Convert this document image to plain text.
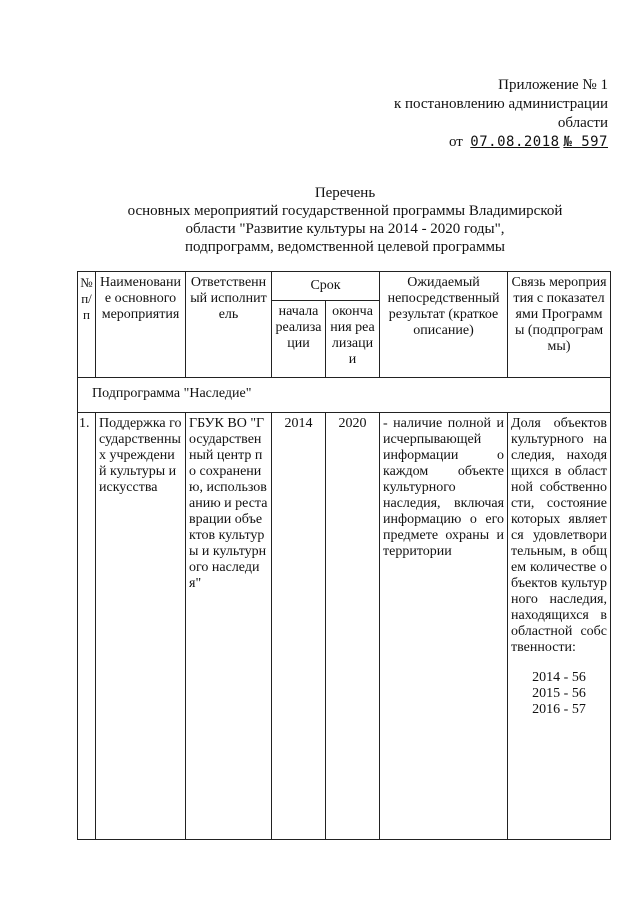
Приложение № 1
к постановлению администрации
области
от 07.08.2018 № 597
Перечень
основных мероприятий государственной программы Владимирской
области "Развитие культуры на 2014 - 2020 годы",
подпрограмм, ведомственной целевой программы
№ п/п	Наименование основного мероприятия	Ответственный исполнитель	Срок		Ожидаемый непосредственный результат (краткое описание)	Связь мероприятия с показателями Программы (подпрограммы)
			начала реализации	окончания реализации		
Подпрограмма "Наследие"						
1.	Поддержка государственных учреждений культуры и искусства	ГБУК ВО "Государственный центр по сохранению, использованию и реставрации объектов культуры и культурного наследия"	2014	2020	- наличие полной и исчерпывающей информации о каждом объекте культурного наследия, включая информацию о его предмете охраны и территории	Доля объектов культурного наследия, находящихся в областной собственности, состояние которых является удовлетворительным, в общем количестве объектов культурного наследия, находящихся в областной собственности:
2014 - 56
2015 - 56
2016 - 57
